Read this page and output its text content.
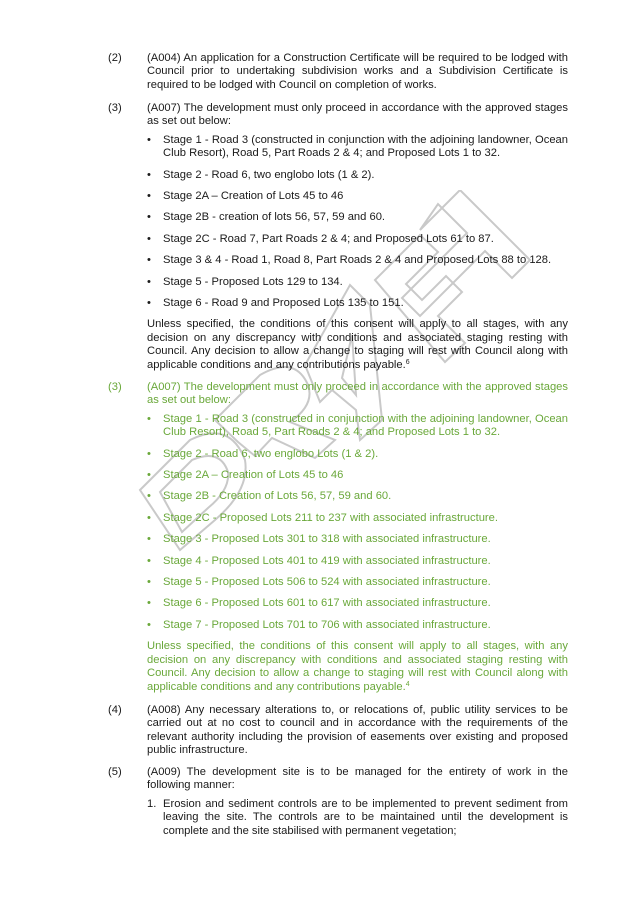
(2)	(A004) An application for a Construction Certificate will be required to be lodged with Council prior to undertaking subdivision works and a Subdivision Certificate is required to be lodged with Council on completion of works.

(3)	(A007) The development must only proceed in accordance with the approved stages as set out below:

• Stage 1 - Road 3 (constructed in conjunction with the adjoining landowner, Ocean Club Resort), Road 5, Part Roads 2 & 4; and Proposed Lots 1 to 32.
• Stage 2 - Road 6, two englobo lots (1 & 2).
• Stage 2A – Creation of Lots 45 to 46
• Stage 2B - creation of lots 56, 57, 59 and 60.
• Stage 2C - Road 7, Part Roads 2 & 4; and Proposed Lots 61 to 87.
• Stage 3 & 4 - Road 1, Road 8, Part Roads 2 & 4 and Proposed Lots 88 to 128.
• Stage 5 - Proposed Lots 129 to 134.
• Stage 6 - Road 9 and Proposed Lots 135 to 151.

Unless specified, the conditions of this consent will apply to all stages, with any decision on any discrepancy with conditions and associated staging resting with Council. Any decision to allow a change to staging will rest with Council along with applicable conditions and any contributions payable.$^6$

(3)	(A007) The development must only proceed in accordance with the approved stages as set out below:

• Stage 1 - Road 3 (constructed in conjunction with the adjoining landowner, Ocean Club Resort), Road 5, Part Roads 2 & 4; and Proposed Lots 1 to 32.
• Stage 2 - Road 6, two englobo Lots (1 & 2).
• Stage 2A – Creation of Lots 45 to 46
• Stage 2B - Creation of Lots 56, 57, 59 and 60.
• Stage 2C - Proposed Lots 211 to 237 with associated infrastructure.
• Stage 3 - Proposed Lots 301 to 318 with associated infrastructure.
• Stage 4 - Proposed Lots 401 to 419 with associated infrastructure.
• Stage 5 - Proposed Lots 506 to 524 with associated infrastructure.
• Stage 6 - Proposed Lots 601 to 617 with associated infrastructure.
• Stage 7 - Proposed Lots 701 to 706 with associated infrastructure.

Unless specified, the conditions of this consent will apply to all stages, with any decision on any discrepancy with conditions and associated staging resting with Council. Any decision to allow a change to staging will rest with Council along with applicable conditions and any contributions payable.$^4$

(4)	(A008) Any necessary alterations to, or relocations of, public utility services to be carried out at no cost to council and in accordance with the requirements of the relevant authority including the provision of easements over existing and proposed public infrastructure.

(5)	(A009) The development site is to be managed for the entirety of work in the following manner:

1. Erosion and sediment controls are to be implemented to prevent sediment from leaving the site. The controls are to be maintained until the development is complete and the site stabilised with permanent vegetation;
